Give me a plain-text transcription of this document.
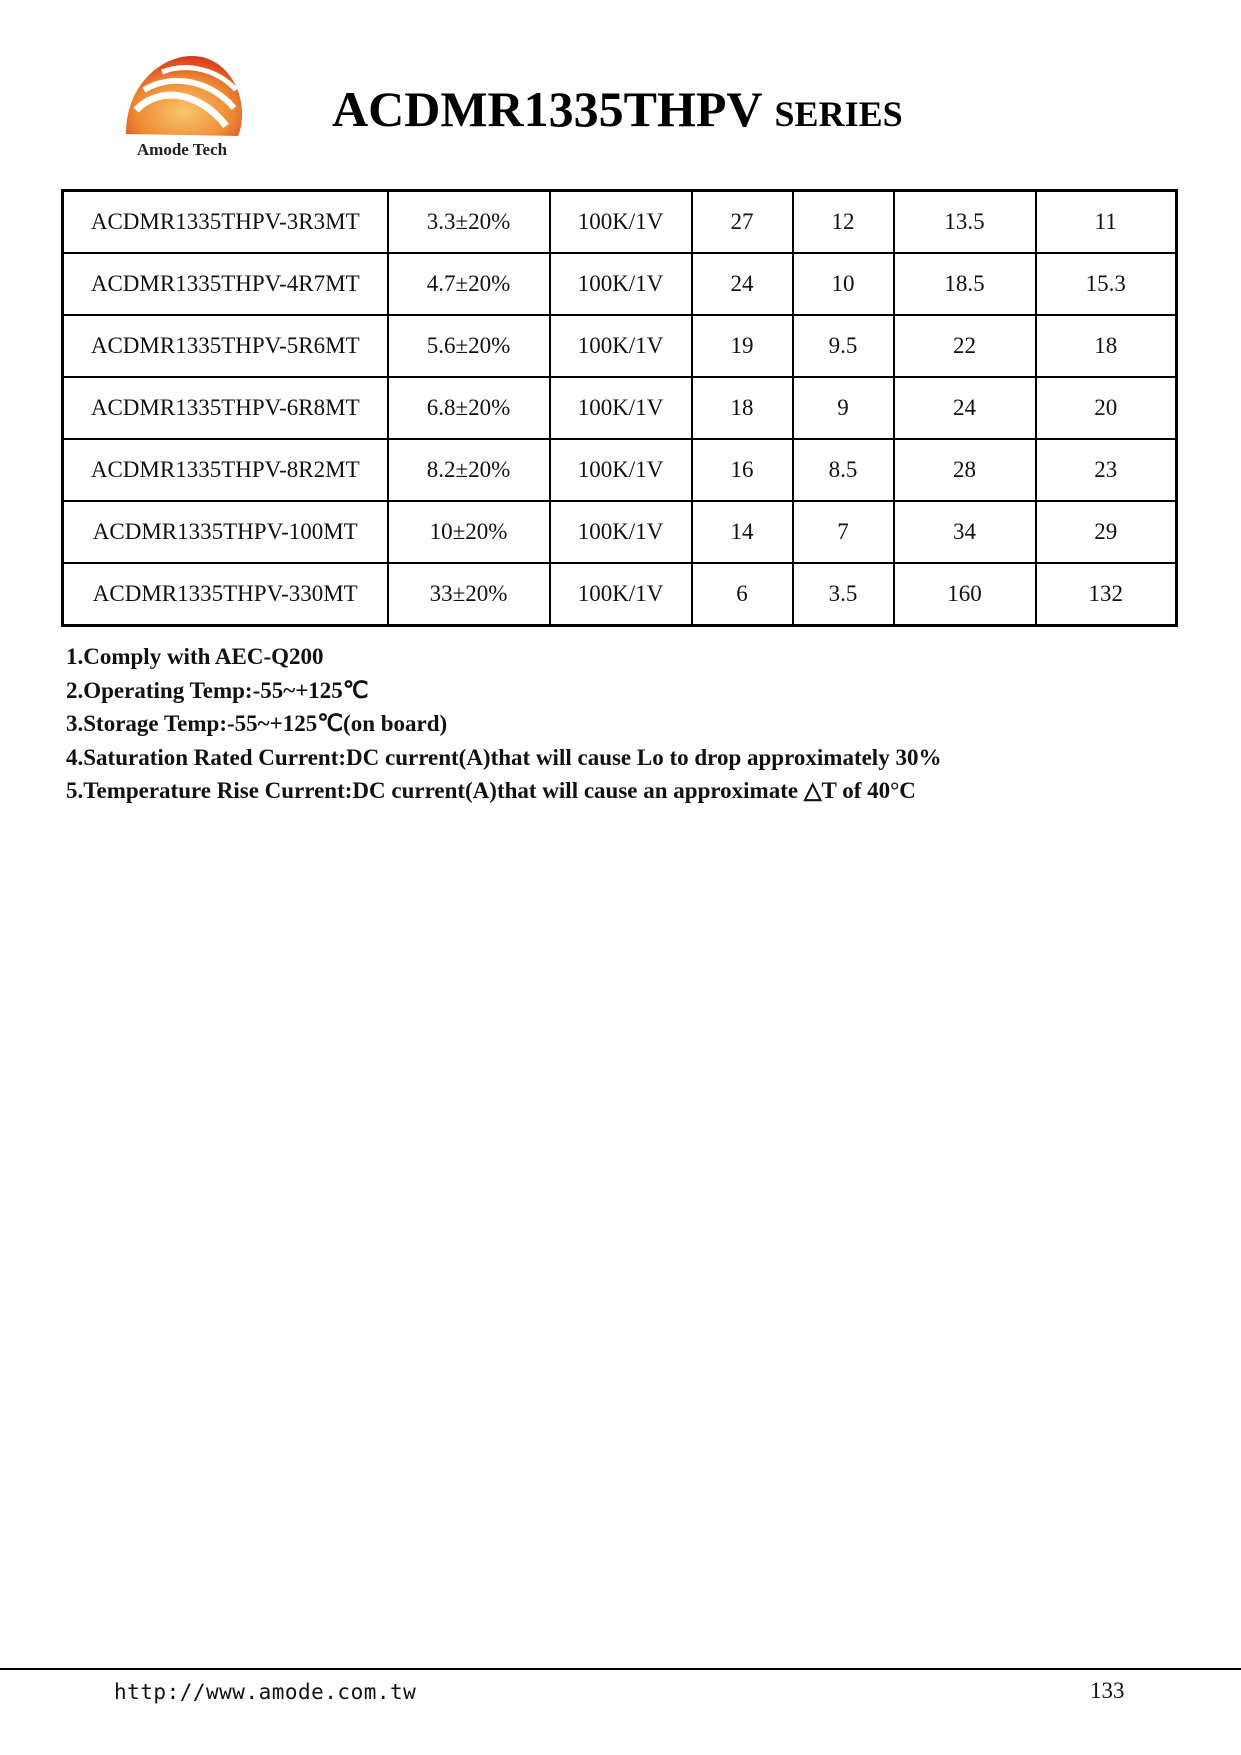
Amode Tech
ACDMR1335THPV SERIES
ACDMR1335THPV-3R3MT	3.3±20%	100K/1V	27	12	13.5	11
ACDMR1335THPV-4R7MT	4.7±20%	100K/1V	24	10	18.5	15.3
ACDMR1335THPV-5R6MT	5.6±20%	100K/1V	19	9.5	22	18
ACDMR1335THPV-6R8MT	6.8±20%	100K/1V	18	9	24	20
ACDMR1335THPV-8R2MT	8.2±20%	100K/1V	16	8.5	28	23
ACDMR1335THPV-100MT	10±20%	100K/1V	14	7	34	29
ACDMR1335THPV-330MT	33±20%	100K/1V	6	3.5	160	132
1.Comply with AEC-Q200
2.Operating Temp:-55~+125℃
3.Storage Temp:-55~+125℃(on board)
4.Saturation Rated Current:DC current(A)that will cause Lo to drop approximately 30%
5.Temperature Rise Current:DC current(A)that will cause an approximate △T of 40°C
http://www.amode.com.tw	133
